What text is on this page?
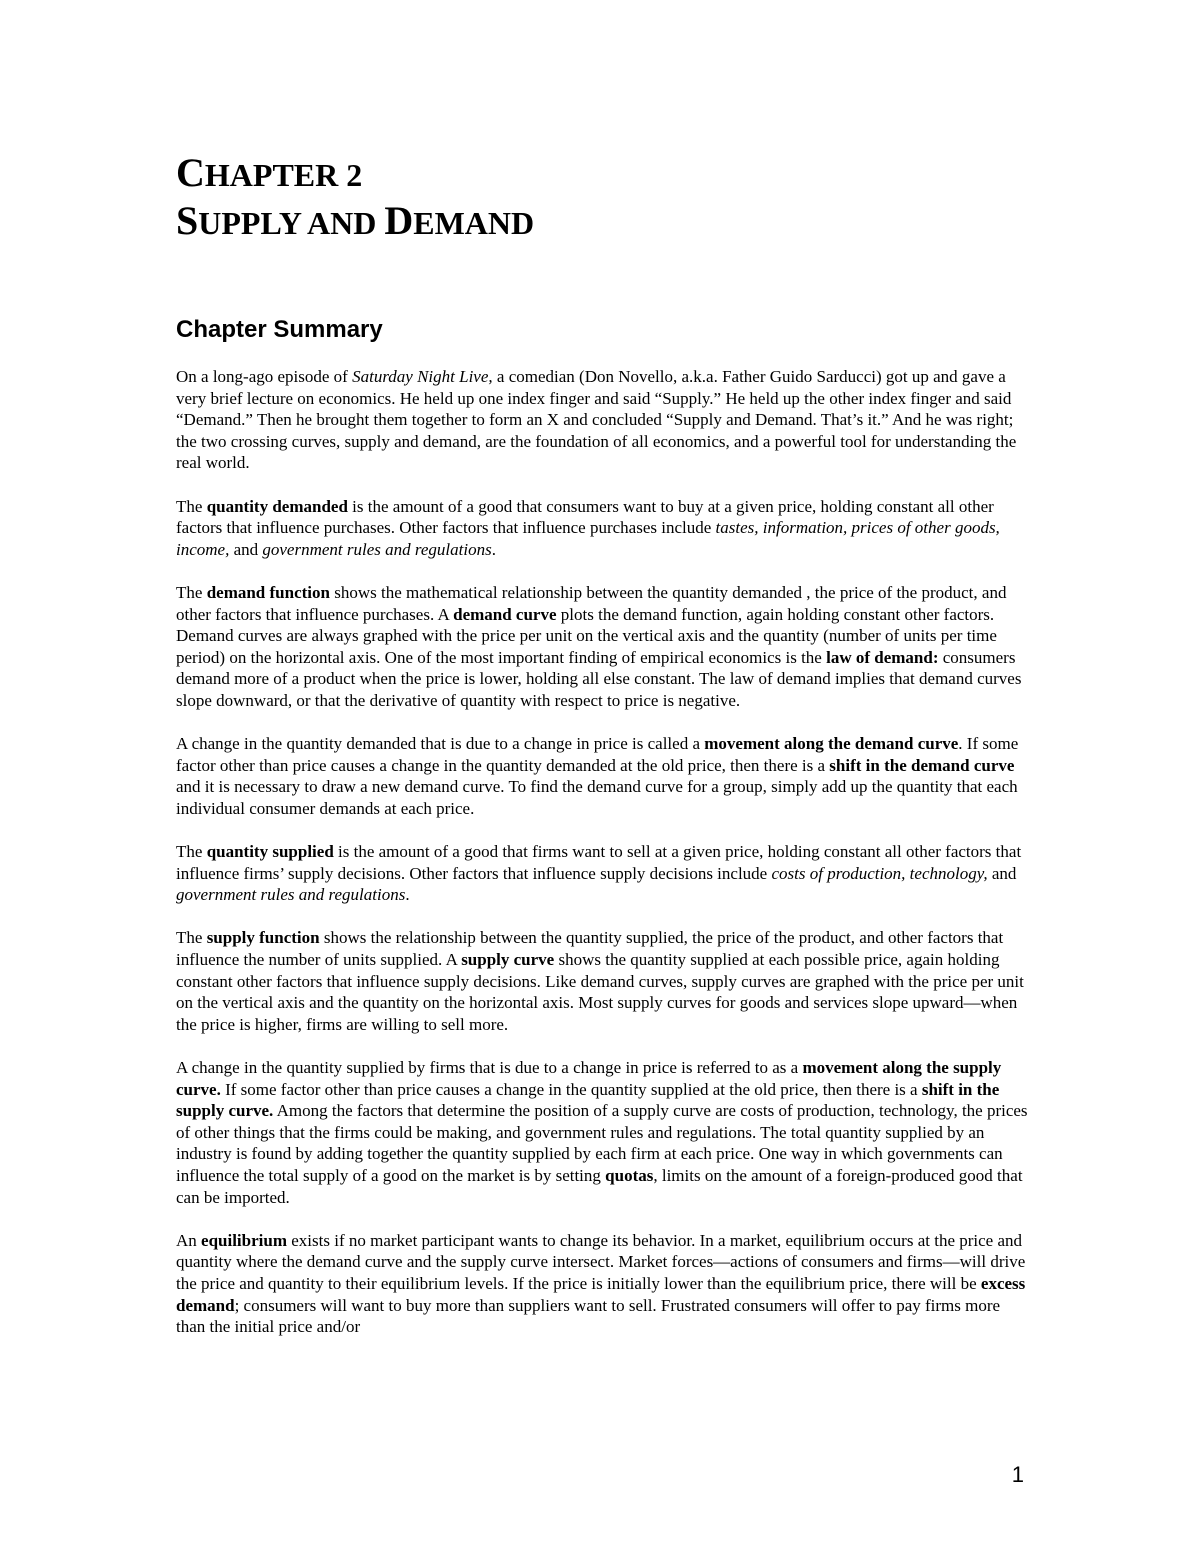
CHAPTER 2
SUPPLY AND DEMAND
Chapter Summary

On a long-ago episode of Saturday Night Live, a comedian (Don Novello, a.k.a. Father Guido Sarducci) got up and gave a very brief lecture on economics. He held up one index finger and said “Supply.” He held up the other index finger and said “Demand.” Then he brought them together to form an X and concluded “Supply and Demand. That’s it.” And he was right; the two crossing curves, supply and demand, are the foundation of all economics, and a powerful tool for understanding the real world.

The quantity demanded is the amount of a good that consumers want to buy at a given price, holding constant all other factors that influence purchases. Other factors that influence purchases include tastes, information, prices of other goods, income, and government rules and regulations.

The demand function shows the mathematical relationship between the quantity demanded , the price of the product, and other factors that influence purchases. A demand curve plots the demand function, again holding constant other factors. Demand curves are always graphed with the price per unit on the vertical axis and the quantity (number of units per time period) on the horizontal axis. One of the most important finding of empirical economics is the law of demand: consumers demand more of a product when the price is lower, holding all else constant. The law of demand implies that demand curves slope downward, or that the derivative of quantity with respect to price is negative.

A change in the quantity demanded that is due to a change in price is called a movement along the demand curve. If some factor other than price causes a change in the quantity demanded at the old price, then there is a shift in the demand curve and it is necessary to draw a new demand curve. To find the demand curve for a group, simply add up the quantity that each individual consumer demands at each price.

The quantity supplied is the amount of a good that firms want to sell at a given price, holding constant all other factors that influence firms’ supply decisions. Other factors that influence supply decisions include costs of production, technology, and government rules and regulations.

The supply function shows the relationship between the quantity supplied, the price of the product, and other factors that influence the number of units supplied. A supply curve shows the quantity supplied at each possible price, again holding constant other factors that influence supply decisions. Like demand curves, supply curves are graphed with the price per unit on the vertical axis and the quantity on the horizontal axis. Most supply curves for goods and services slope upward—when the price is higher, firms are willing to sell more.

A change in the quantity supplied by firms that is due to a change in price is referred to as a movement along the supply curve. If some factor other than price causes a change in the quantity supplied at the old price, then there is a shift in the supply curve. Among the factors that determine the position of a supply curve are costs of production, technology, the prices of other things that the firms could be making, and government rules and regulations. The total quantity supplied by an industry is found by adding together the quantity supplied by each firm at each price. One way in which governments can influence the total supply of a good on the market is by setting quotas, limits on the amount of a foreign-produced good that can be imported.

An equilibrium exists if no market participant wants to change its behavior. In a market, equilibrium occurs at the price and quantity where the demand curve and the supply curve intersect. Market forces—actions of consumers and firms—will drive the price and quantity to their equilibrium levels. If the price is initially lower than the equilibrium price, there will be excess demand; consumers will want to buy more than suppliers want to sell. Frustrated consumers will offer to pay firms more than the initial price and/or

1
